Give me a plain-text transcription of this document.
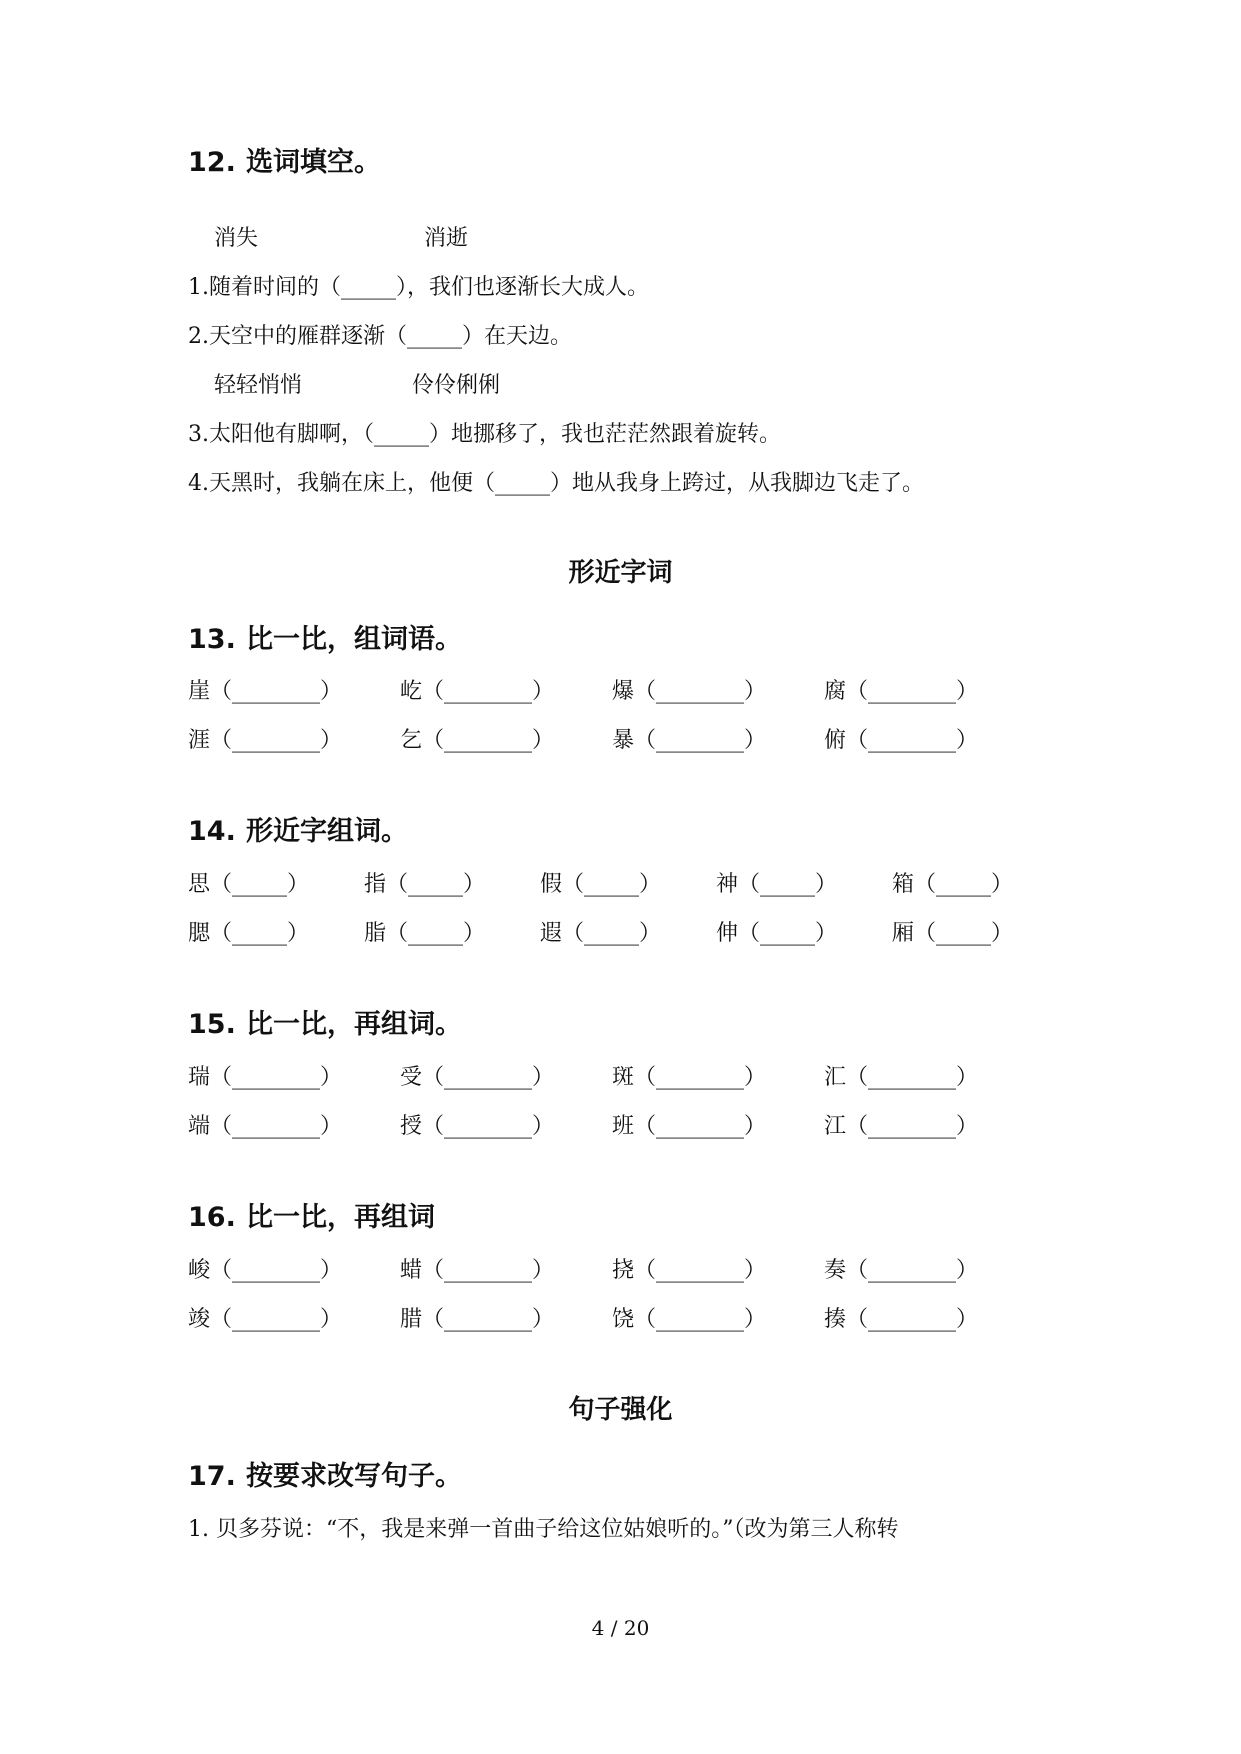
12. 选词填空。
消失	消逝
1.随着时间的（_____），我们也逐渐长大成人。
2.天空中的雁群逐渐（_____）在天边。
轻轻悄悄	伶伶俐俐
3.太阳他有脚啊，（_____）地挪移了，我也茫茫然跟着旋转。
4.天黑时，我躺在床上，他便（_____）地从我身上跨过，从我脚边飞走了。
形近字词
13. 比一比，组词语。
崖（________）	屹（________）	爆（________）	腐（________）
涯（________）	乞（________）	暴（________）	俯（________）
14. 形近字组词。
思（_____）	指（_____）	假（_____）	神（_____）	箱（_____）
腮（_____）	脂（_____）	遐（_____）	伸（_____）	厢（_____）
15. 比一比，再组词。
瑞（________）	受（________）	斑（________）	汇（________）
端（________）	授（________）	班（________）	江（________）
16. 比一比，再组词
峻（________）	蜡（________）	挠（________）	奏（________）
竣（________）	腊（________）	饶（________）	揍（________）
句子强化
17. 按要求改写句子。
1. 贝多芬说：“不，我是来弹一首曲子给这位姑娘听的。”（改为第三人称转
4 / 20
